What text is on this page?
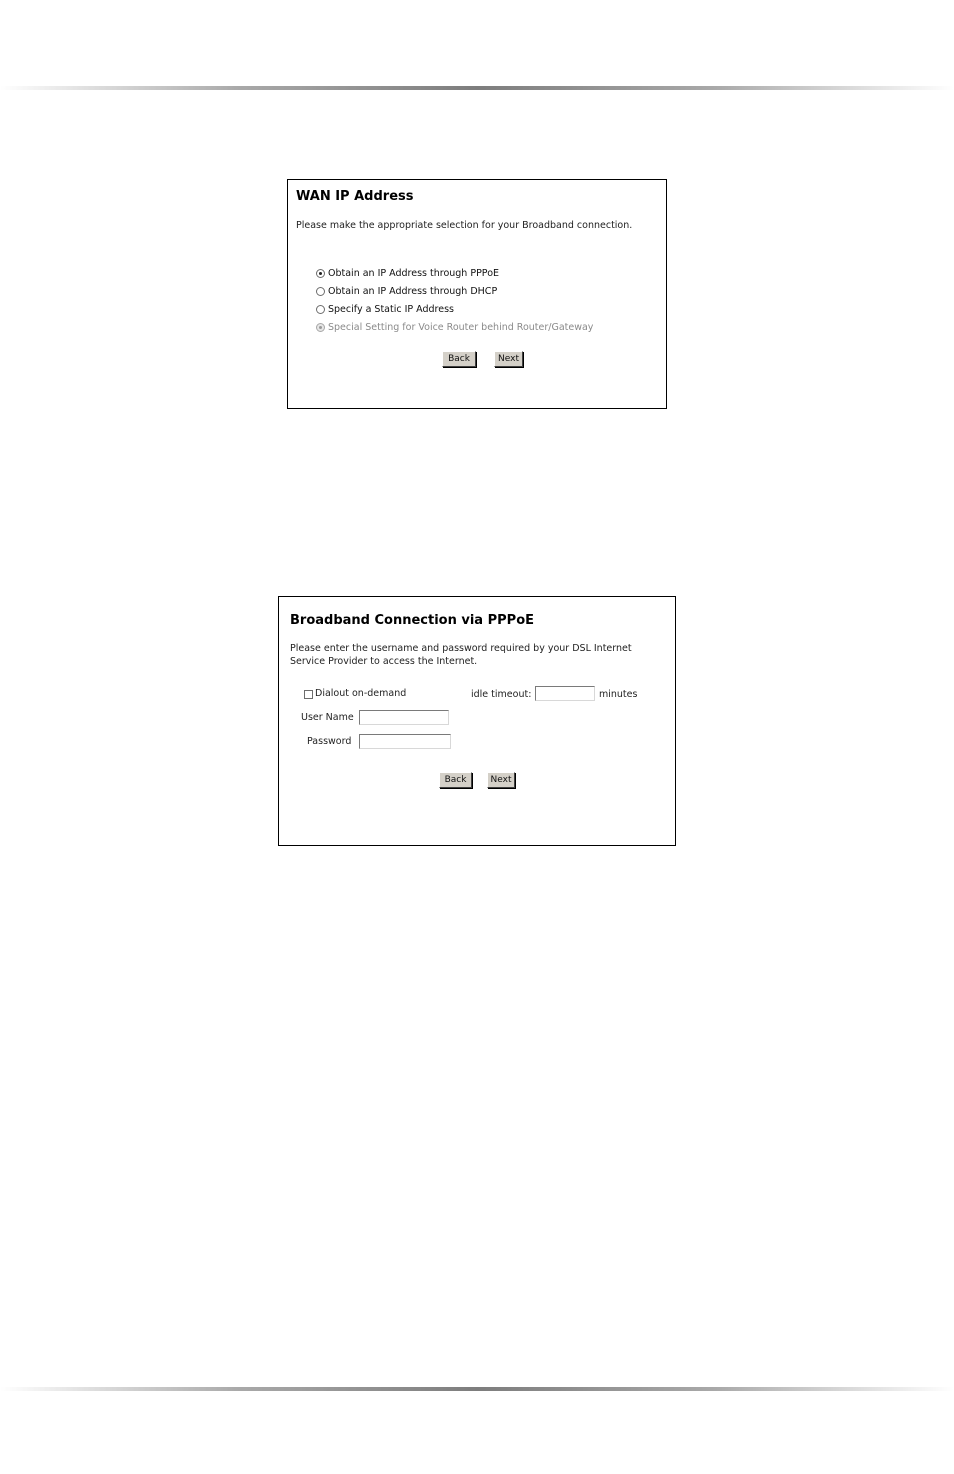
WAN IP Address
Please make the appropriate selection for your Broadband connection.
Obtain an IP Address through PPPoE
Obtain an IP Address through DHCP
Specify a Static IP Address
Special Setting for Voice Router behind Router/Gateway
Back	Next
Broadband Connection via PPPoE
Please enter the username and password required by your DSL Internet
Service Provider to access the Internet.
Dialout on-demand	idle timeout:	minutes
User Name
Password
Back	Next
